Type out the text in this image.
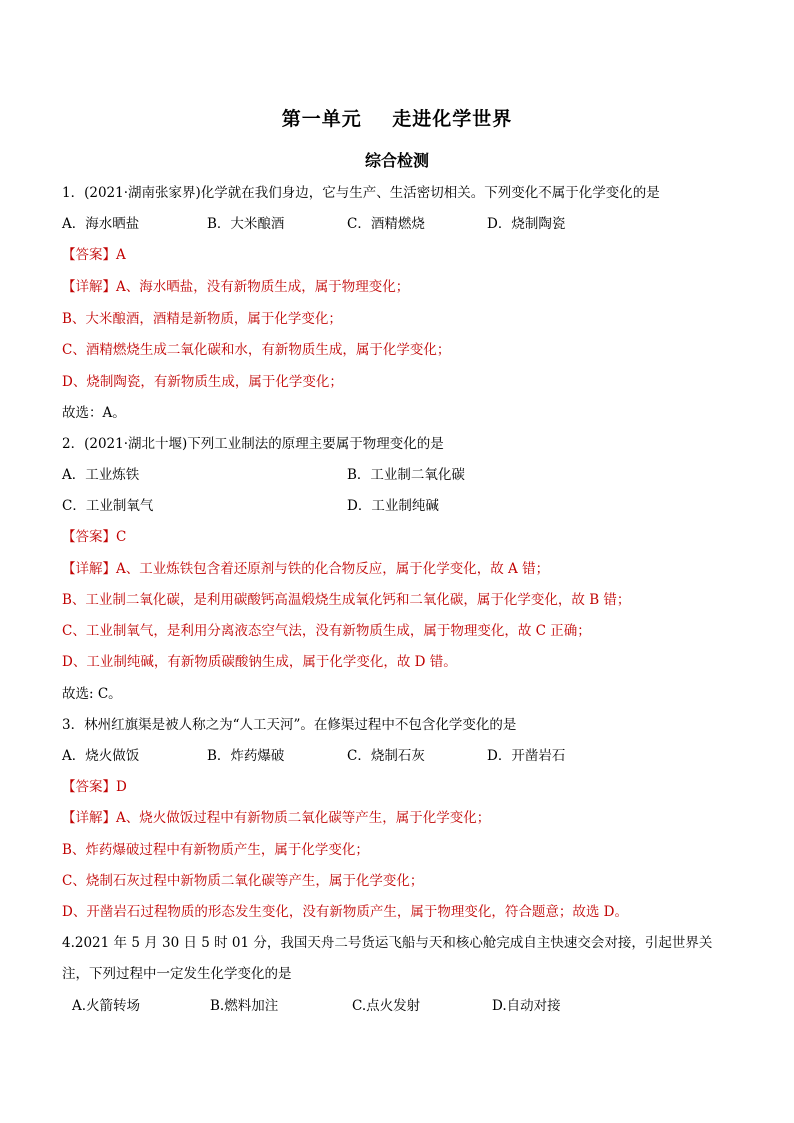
第一单元    走进化学世界
综合检测
1．(2021·湖南张家界)化学就在我们身边，它与生产、生活密切相关。下列变化不属于化学变化的是
A．海水晒盐	B．大米酿酒	C．酒精燃烧	D．烧制陶瓷
【答案】A
【详解】A、海水晒盐，没有新物质生成，属于物理变化；
B、大米酿酒，酒精是新物质，属于化学变化；
C、酒精燃烧生成二氧化碳和水，有新物质生成，属于化学变化；
D、烧制陶瓷，有新物质生成，属于化学变化；
故选：A。
2．(2021·湖北十堰)下列工业制法的原理主要属于物理变化的是
A．工业炼铁	B．工业制二氧化碳
C．工业制氧气	D．工业制纯碱
【答案】C
【详解】A、工业炼铁包含着还原剂与铁的化合物反应，属于化学变化，故 A 错；
B、工业制二氧化碳，是利用碳酸钙高温煅烧生成氧化钙和二氧化碳，属于化学变化，故 B 错；
C、工业制氧气，是利用分离液态空气法，没有新物质生成，属于物理变化，故 C 正确；
D、工业制纯碱，有新物质碳酸钠生成，属于化学变化，故 D 错。
故选: C。
3．林州红旗渠是被人称之为“人工天河”。在修渠过程中不包含化学变化的是
A．烧火做饭	B．炸药爆破	C．烧制石灰	D．开凿岩石
【答案】D
【详解】A、烧火做饭过程中有新物质二氧化碳等产生，属于化学变化；
B、炸药爆破过程中有新物质产生，属于化学变化；
C、烧制石灰过程中新物质二氧化碳等产生，属于化学变化；
D、开凿岩石过程物质的形态发生变化，没有新物质产生，属于物理变化，符合题意；故选 D。
4.2021 年 5 月 30 日 5 时 01 分，我国天舟二号货运飞船与天和核心舱完成自主快速交会对接，引起世界关
注，下列过程中一定发生化学变化的是
A.火箭转场	B.燃料加注	C.点火发射	D.自动对接
